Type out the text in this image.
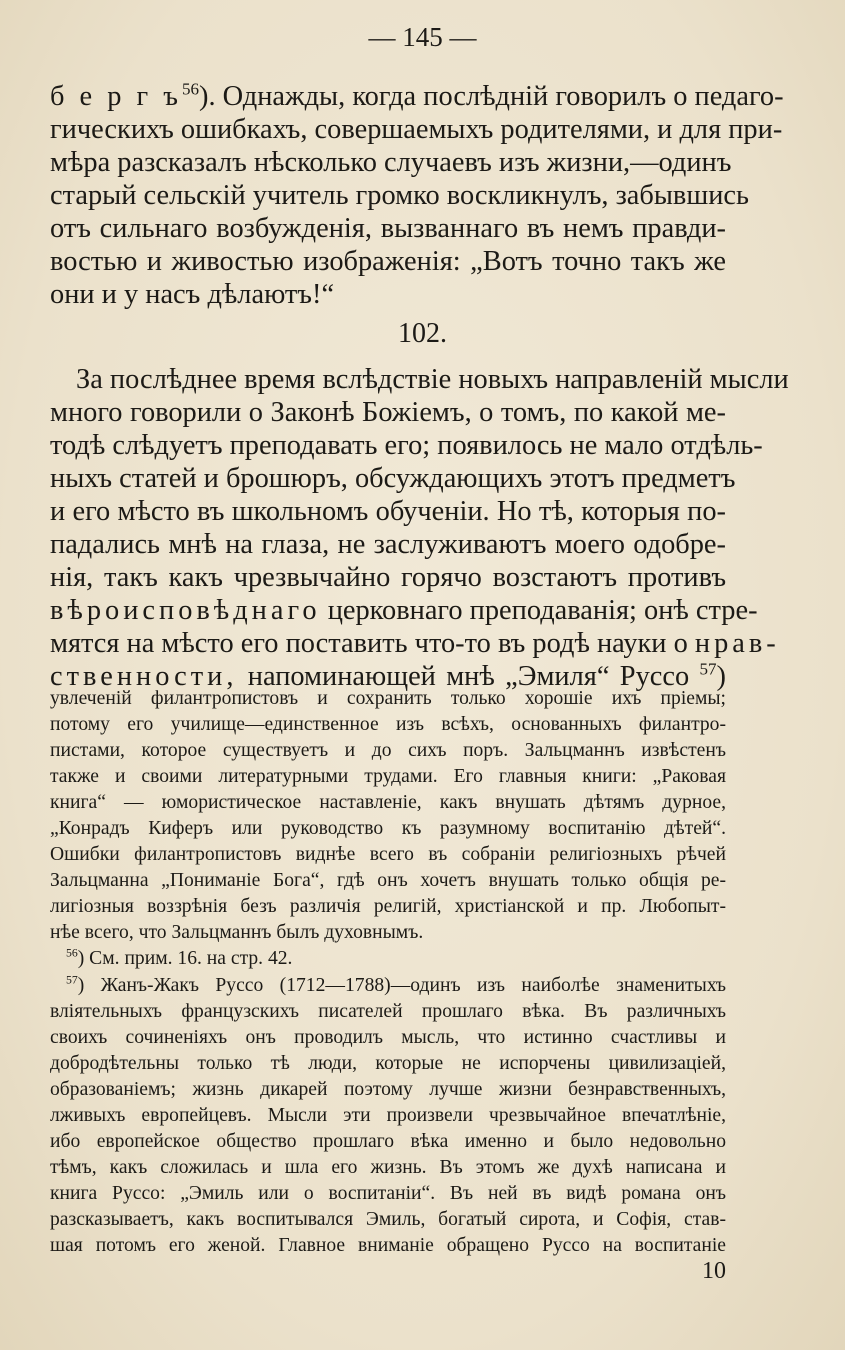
— 145 —
б е р г $ъ^{56}$). Однажды, когда послѣдній говорилъ о педаго-
гическихъ ошибкахъ, совершаемыхъ родителями, и для при-
мѣра разсказалъ нѣсколько случаевъ изъ жизни,—одинъ
старый сельскій учитель громко воскликнулъ, забывшись
отъ сильнаго возбужденія, вызваннаго въ немъ правди-
востью и живостью изображенія: „Вотъ точно такъ же
они и у насъ дѣлаютъ!“
102.
За послѣднее время вслѣдствіе новыхъ направленій мысли
много говорили о Законѣ Божіемъ, о томъ, по какой ме-
тодѣ слѣдуетъ преподавать его; появилось не мало отдѣль-
ныхъ статей и брошюръ, обсуждающихъ этотъ предметъ
и его мѣсто въ школьномъ обученіи. Но тѣ, которыя по-
падались мнѣ на глаза, не заслуживаютъ моего одобре-
нія, такъ какъ чрезвычайно горячо возстаютъ противъ
вѣроисповѣднаго церковнаго преподаванія; онѣ стре-
мятся на мѣсто его поставить что-то въ родѣ науки о нрав-
ственности, напоминающей мнѣ „Эмиля“ Руссо $^{57}$)
увлеченій филантропистовъ и сохранить только хорошіе ихъ пріемы;
потому его училище—единственное изъ всѣхъ, основанныхъ филантро-
пистами, которое существуетъ и до сихъ поръ. Зальцманнъ извѣстенъ
также и своими литературными трудами. Его главныя книги: „Раковая
книга“ — юмористическое наставленіе, какъ внушать дѣтямъ дурное,
„Конрадъ Киферъ или руководство къ разумному воспитанію дѣтей“.
Ошибки филантропистовъ виднѣе всего въ собраніи религіозныхъ рѣчей
Зальцманна „Пониманіе Бога“, гдѣ онъ хочетъ внушать только общія ре-
лигіозныя воззрѣнія безъ различія религій, христіанской и пр. Любопыт-
нѣе всего, что Зальцманнъ былъ духовнымъ.
$^{56}$) См. прим. 16. на стр. 42.
$^{57}$) Жанъ-Жакъ Руссо (1712—1788)—одинъ изъ наиболѣе знаменитыхъ
вліятельныхъ французскихъ писателей прошлаго вѣка. Въ различныхъ
своихъ сочиненіяхъ онъ проводилъ мысль, что истинно счастливы и
добродѣтельны только тѣ люди, которые не испорчены цивилизаціей,
образованіемъ; жизнь дикарей поэтому лучше жизни безнравственныхъ,
лживыхъ европейцевъ. Мысли эти произвели чрезвычайное впечатлѣніе,
ибо европейское общество прошлаго вѣка именно и было недовольно
тѣмъ, какъ сложилась и шла его жизнь. Въ этомъ же духѣ написана и
книга Руссо: „Эмиль или о воспитаніи“. Въ ней въ видѣ романа онъ
разсказываетъ, какъ воспитывался Эмиль, богатый сирота, и Софія, став-
шая потомъ его женой. Главное вниманіе обращено Руссо на воспитаніе
10
